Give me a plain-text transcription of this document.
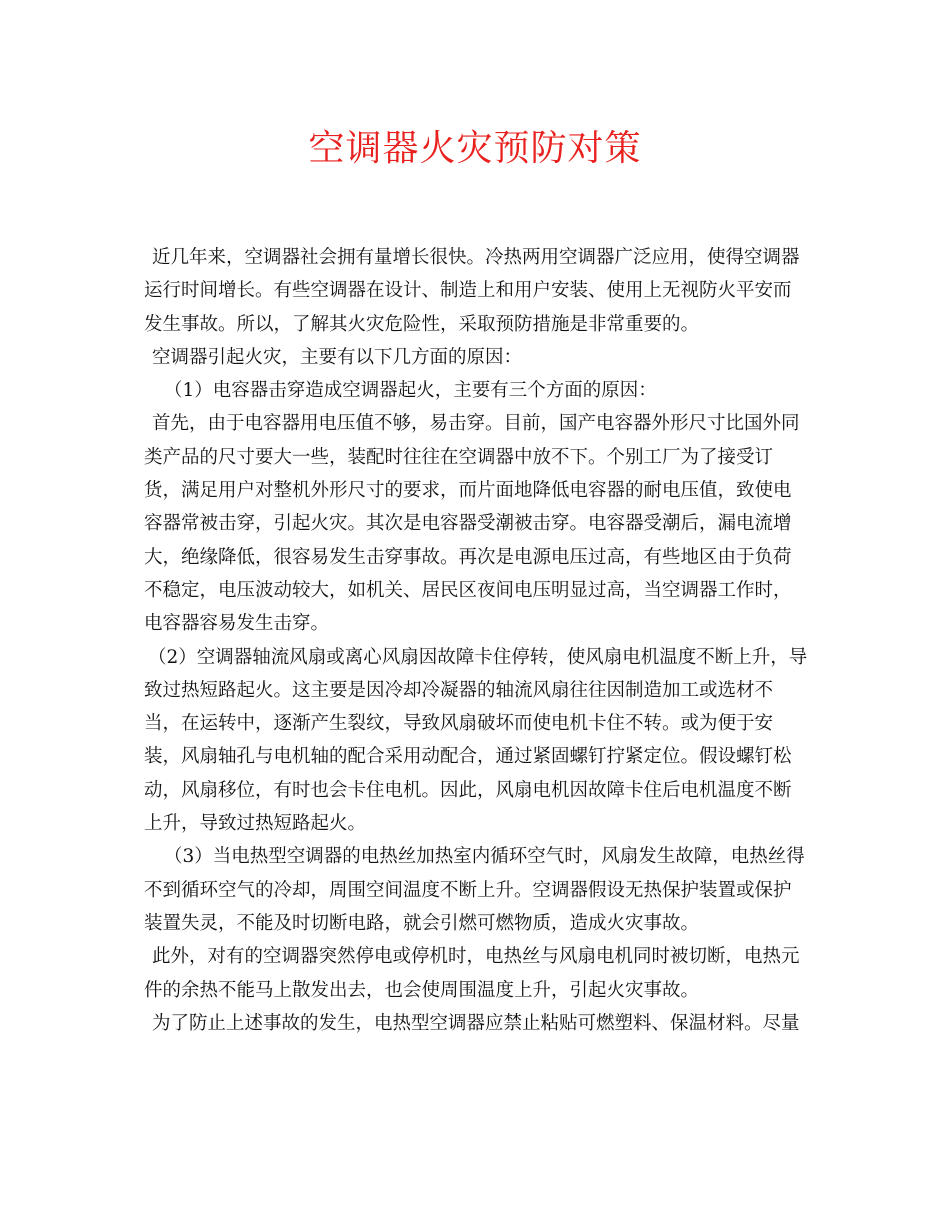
空调器火灾预防对策
近几年来，空调器社会拥有量增长很快。冷热两用空调器广泛应用，使得空调器
运行时间增长。有些空调器在设计、制造上和用户安装、使用上无视防火平安而
发生事故。所以，了解其火灾危险性，采取预防措施是非常重要的。
空调器引起火灾，主要有以下几方面的原因：
（1）电容器击穿造成空调器起火，主要有三个方面的原因：
首先，由于电容器用电压值不够，易击穿。目前，国产电容器外形尺寸比国外同
类产品的尺寸要大一些，装配时往往在空调器中放不下。个别工厂为了接受订
货，满足用户对整机外形尺寸的要求，而片面地降低电容器的耐电压值，致使电
容器常被击穿，引起火灾。其次是电容器受潮被击穿。电容器受潮后，漏电流增
大，绝缘降低，很容易发生击穿事故。再次是电源电压过高，有些地区由于负荷
不稳定，电压波动较大，如机关、居民区夜间电压明显过高，当空调器工作时，
电容器容易发生击穿。
（2）空调器轴流风扇或离心风扇因故障卡住停转，使风扇电机温度不断上升，导
致过热短路起火。这主要是因冷却冷凝器的轴流风扇往往因制造加工或选材不
当，在运转中，逐渐产生裂纹，导致风扇破坏而使电机卡住不转。或为便于安
装，风扇轴孔与电机轴的配合采用动配合，通过紧固螺钉拧紧定位。假设螺钉松
动，风扇移位，有时也会卡住电机。因此，风扇电机因故障卡住后电机温度不断
上升，导致过热短路起火。
（3）当电热型空调器的电热丝加热室内循环空气时，风扇发生故障，电热丝得
不到循环空气的冷却，周围空间温度不断上升。空调器假设无热保护装置或保护
装置失灵，不能及时切断电路，就会引燃可燃物质，造成火灾事故。
此外，对有的空调器突然停电或停机时，电热丝与风扇电机同时被切断，电热元
件的余热不能马上散发出去，也会使周围温度上升，引起火灾事故。
为了防止上述事故的发生，电热型空调器应禁止粘贴可燃塑料、保温材料。尽量
